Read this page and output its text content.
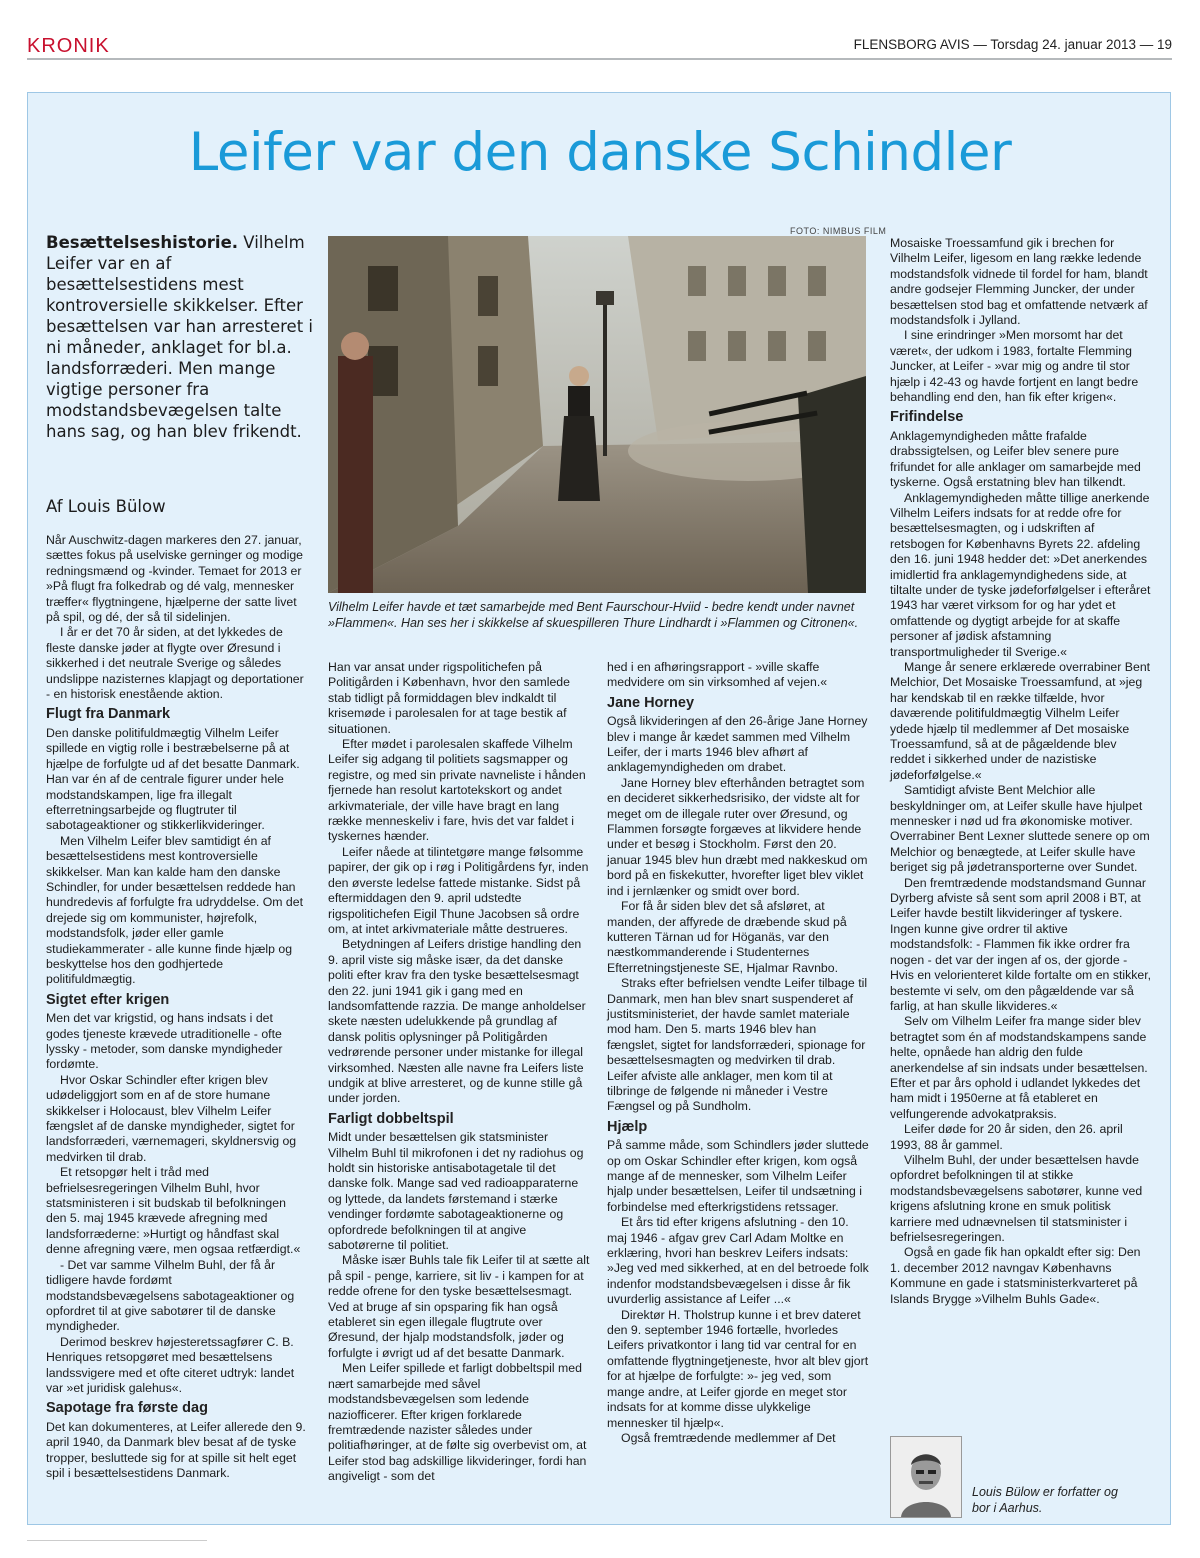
KRONIK	FLENSBORG AVIS — Torsdag 24. januar 2013 — 19
Leifer var den danske Schindler
Besættelseshistorie. Vilhelm Leifer var en af besættelsestidens mest kontroversielle skikkelser. Efter besættelsen var han arresteret i ni måneder, anklaget for bl.a. landsforræderi. Men mange vigtige personer fra modstandsbevægelsen talte hans sag, og han blev frikendt.
Af Louis Bülow

Når Auschwitz-dagen markeres den 27. januar, sættes fokus på uselviske gerninger og modige redningsmænd og -kvinder. Temaet for 2013 er »På flugt fra folkedrab og dé valg, mennesker træffer« flygtningene, hjælperne der satte livet på spil, og dé, der så til sidelinjen.

I år er det 70 år siden, at det lykkedes de fleste danske jøder at flygte over Øresund i sikkerhed i det neutrale Sverige og således undslippe nazisternes klapjagt og deportationer - en historisk enestående aktion.

Flugt fra Danmark

Den danske politifuldmægtig Vilhelm Leifer spillede en vigtig rolle i bestræbelserne på at hjælpe de forfulgte ud af det besatte Danmark. Han var én af de centrale figurer under hele modstandskampen, lige fra illegalt efterretningsarbejde og flugtruter til sabotageaktioner og stikkerlikvideringer.

Men Vilhelm Leifer blev samtidigt én af besættelsestidens mest kontroversielle skikkelser. Man kan kalde ham den danske Schindler, for under besættelsen reddede han hundredevis af forfulgte fra udryddelse. Om det drejede sig om kommunister, højrefolk, modstandsfolk, jøder eller gamle studiekammerater - alle kunne finde hjælp og beskyttelse hos den godhjertede politifuldmægtig.

Sigtet efter krigen

Men det var krigstid, og hans indsats i det godes tjeneste krævede utraditionelle - ofte lyssky - metoder, som danske myndigheder fordømte.

Hvor Oskar Schindler efter krigen blev udødeliggjort som en af de store humane skikkelser i Holocaust, blev Vilhelm Leifer fængslet af de danske myndigheder, sigtet for landsforræderi, værnemageri, skyldnersvig og medvirken til drab.

Et retsopgør helt i tråd med befrielsesregeringen Vilhelm Buhl, hvor statsministeren i sit budskab til befolkningen den 5. maj 1945 krævede afregning med landsforræderne: »Hurtigt og håndfast skal denne afregning være, men ogsaa retfærdigt.«

- Det var samme Vilhelm Buhl, der få år tidligere havde fordømt modstandsbevægelsens sabotageaktioner og opfordret til at give sabotører til de danske myndigheder.

Derimod beskrev højesteretssagfører C. B. Henriques retsopgøret med besættelsens landssvigere med et ofte citeret udtryk: landet var »et juridisk galehus«.

Sapotage fra første dag

Det kan dokumenteres, at Leifer allerede den 9. april 1940, da Danmark blev besat af de tyske tropper, besluttede sig for at spille sit helt eget spil i besættelsestidens Danmark.

FOTO: NIMBUS FILM
Vilhelm Leifer havde et tæt samarbejde med Bent Faurschour-Hviid - bedre kendt under navnet »Flammen«. Han ses her i skikkelse af skuespilleren Thure Lindhardt i »Flammen og Citronen«.

Han var ansat under rigspolitichefen på Politigården i København, hvor den samlede stab tidligt på formiddagen blev indkaldt til krisemøde i parolesalen for at tage bestik af situationen.

Efter mødet i parolesalen skaffede Vilhelm Leifer sig adgang til politiets sagsmapper og registre, og med sin private navneliste i hånden fjernede han resolut kartotekskort og andet arkivmateriale, der ville have bragt en lang række menneskeliv i fare, hvis det var faldet i tyskernes hænder.

Leifer nåede at tilintetgøre mange følsomme papirer, der gik op i røg i Politigårdens fyr, inden den øverste ledelse fattede mistanke. Sidst på eftermiddagen den 9. april udstedte rigspolitichefen Eigil Thune Jacobsen så ordre om, at intet arkivmateriale måtte destrueres.

Betydningen af Leifers dristige handling den 9. april viste sig måske især, da det danske politi efter krav fra den tyske besættelsesmagt den 22. juni 1941 gik i gang med en landsomfattende razzia. De mange anholdelser skete næsten udelukkende på grundlag af dansk politis oplysninger på Politigården vedrørende personer under mistanke for illegal virksomhed. Næsten alle navne fra Leifers liste undgik at blive arresteret, og de kunne stille gå under jorden.

Farligt dobbeltspil

Midt under besættelsen gik statsminister Vilhelm Buhl til mikrofonen i det ny radiohus og holdt sin historiske antisabotagetale til det danske folk. Mange sad ved radioapparaterne og lyttede, da landets førstemand i stærke vendinger fordømte sabotageaktionerne og opfordrede befolkningen til at angive sabotørerne til politiet.

Måske især Buhls tale fik Leifer til at sætte alt på spil - penge, karriere, sit liv - i kampen for at redde ofrene for den tyske besættelsesmagt. Ved at bruge af sin opsparing fik han også etableret sin egen illegale flugtrute over Øresund, der hjalp modstandsfolk, jøder og forfulgte i øvrigt ud af det besatte Danmark.

Men Leifer spillede et farligt dobbeltspil med nært samarbejde med såvel modstandsbevægelsen som ledende naziofficerer. Efter krigen forklarede fremtrædende nazister således under politiafhøringer, at de følte sig overbevist om, at Leifer stod bag adskillige likvideringer, fordi han angiveligt - som det

hed i en afhøringsrapport - »ville skaffe medvidere om sin virksomhed af vejen.«

Jane Horney

Også likvideringen af den 26-årige Jane Horney blev i mange år kædet sammen med Vilhelm Leifer, der i marts 1946 blev afhørt af anklagemyndigheden om drabet.

Jane Horney blev efterhånden betragtet som en decideret sikkerhedsrisiko, der vidste alt for meget om de illegale ruter over Øresund, og Flammen forsøgte forgæves at likvidere hende under et besøg i Stockholm. Først den 20. januar 1945 blev hun dræbt med nakkeskud om bord på en fiskekutter, hvorefter liget blev viklet ind i jernlænker og smidt over bord.

For få år siden blev det så afsløret, at manden, der affyrede de dræbende skud på kutteren Tärnan ud for Höganäs, var den næstkommanderende i Studenternes Efterretningstjeneste SE, Hjalmar Ravnbo.

Straks efter befrielsen vendte Leifer tilbage til Danmark, men han blev snart suspenderet af justitsministeriet, der havde samlet materiale mod ham. Den 5. marts 1946 blev han fængslet, sigtet for landsforræderi, spionage for besættelsesmagten og medvirken til drab. Leifer afviste alle anklager, men kom til at tilbringe de følgende ni måneder i Vestre Fængsel og på Sundholm.

Hjælp

På samme måde, som Schindlers jøder sluttede op om Oskar Schindler efter krigen, kom også mange af de mennesker, som Vilhelm Leifer hjalp under besættelsen, Leifer til undsætning i forbindelse med efterkrigstidens retssager.

Et års tid efter krigens afslutning - den 10. maj 1946 - afgav grev Carl Adam Moltke en erklæring, hvori han beskrev Leifers indsats: »Jeg ved med sikkerhed, at en del betroede folk indenfor modstandsbevægelsen i disse år fik uvurderlig assistance af Leifer ...«

Direktør H. Tholstrup kunne i et brev dateret den 9. september 1946 fortælle, hvorledes Leifers privatkontor i lang tid var central for en omfattende flygtningetjeneste, hvor alt blev gjort for at hjælpe de forfulgte: »- jeg ved, som mange andre, at Leifer gjorde en meget stor indsats for at komme disse ulykkelige mennesker til hjælp«.

Også fremtrædende medlemmer af Det

Mosaiske Troessamfund gik i brechen for Vilhelm Leifer, ligesom en lang række ledende modstandsfolk vidnede til fordel for ham, blandt andre godsejer Flemming Juncker, der under besættelsen stod bag et omfattende netværk af modstandsfolk i Jylland.

I sine erindringer »Men morsomt har det været«, der udkom i 1983, fortalte Flemming Juncker, at Leifer - »var mig og andre til stor hjælp i 42-43 og havde fortjent en langt bedre behandling end den, han fik efter krigen«.

Frifindelse

Anklagemyndigheden måtte frafalde drabssigtelsen, og Leifer blev senere pure frifundet for alle anklager om samarbejde med tyskerne. Også erstatning blev han tilkendt.

Anklagemyndigheden måtte tillige anerkende Vilhelm Leifers indsats for at redde ofre for besættelsesmagten, og i udskriften af retsbogen for Københavns Byrets 22. afdeling den 16. juni 1948 hedder det: »Det anerkendes imidlertid fra anklagemyndighedens side, at tiltalte under de tyske jødeforfølgelser i efteråret 1943 har været virksom for og har ydet et omfattende og dygtigt arbejde for at skaffe personer af jødisk afstamning transportmuligheder til Sverige.«

Mange år senere erklærede overrabiner Bent Melchior, Det Mosaiske Troessamfund, at »jeg har kendskab til en række tilfælde, hvor daværende politifuldmægtig Vilhelm Leifer ydede hjælp til medlemmer af Det mosaiske Troessamfund, så at de pågældende blev reddet i sikkerhed under de nazistiske jødeforfølgelse.«

Samtidigt afviste Bent Melchior alle beskyldninger om, at Leifer skulle have hjulpet mennesker i nød ud fra økonomiske motiver. Overrabiner Bent Lexner sluttede senere op om Melchior og benægtede, at Leifer skulle have beriget sig på jødetransporterne over Sundet.

Den fremtrædende modstandsmand Gunnar Dyrberg afviste så sent som april 2008 i BT, at Leifer havde bestilt likvideringer af tyskere. Ingen kunne give ordrer til aktive modstandsfolk: - Flammen fik ikke ordrer fra nogen - det var der ingen af os, der gjorde - Hvis en velorienteret kilde fortalte om en stikker, bestemte vi selv, om den pågældende var så farlig, at han skulle likvideres.«

Selv om Vilhelm Leifer fra mange sider blev betragtet som én af modstandskampens sande helte, opnåede han aldrig den fulde anerkendelse af sin indsats under besættelsen. Efter et par års ophold i udlandet lykkedes det ham midt i 1950erne at få etableret en velfungerende advokatpraksis.

Leifer døde for 20 år siden, den 26. april 1993, 88 år gammel.

Vilhelm Buhl, der under besættelsen havde opfordret befolkningen til at stikke modstandsbevægelsens sabotører, kunne ved krigens afslutning krone en smuk politisk karriere med udnævnelsen til statsminister i befrielsesregeringen.

Også en gade fik han opkaldt efter sig: Den 1. december 2012 navngav Københavns Kommune en gade i statsministerkvarteret på Islands Brygge »Vilhelm Buhls Gade«.

Louis Bülow er forfatter og bor i Aarhus.
